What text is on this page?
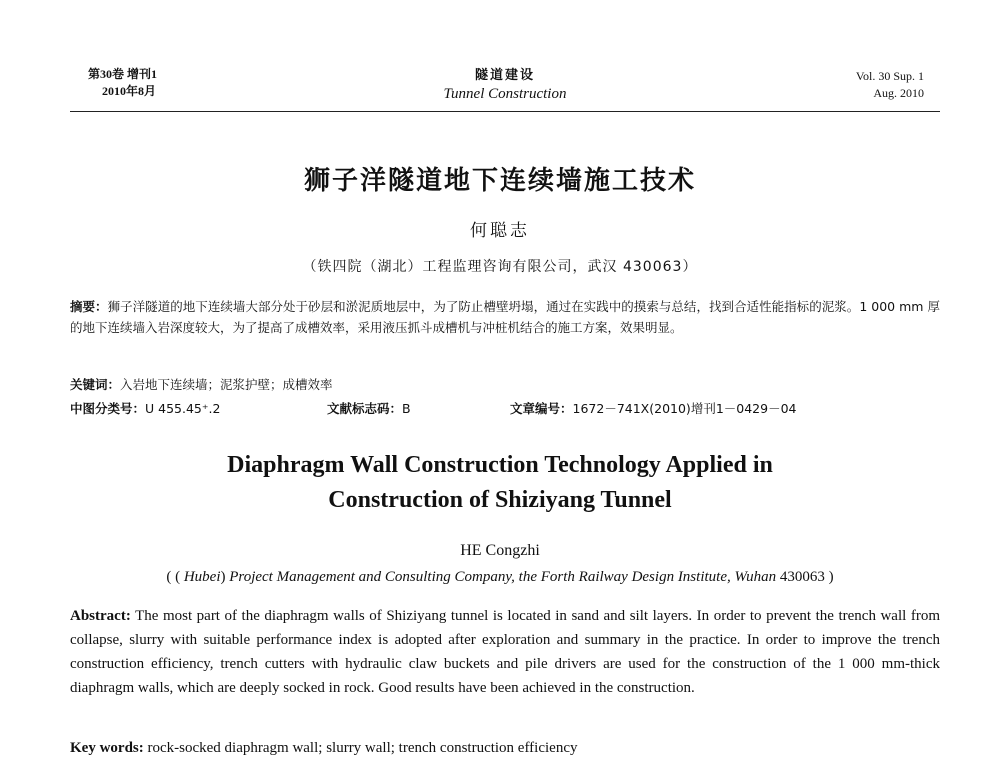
第30卷 增刊1
2010年8月
隧道建设
Tunnel Construction
Vol. 30 Sup. 1
Aug. 2010
狮子洋隧道地下连续墙施工技术
何聪志
（铁四院（湖北）工程监理咨询有限公司，武汉 430063）
摘要：狮子洋隧道的地下连续墙大部分处于砂层和淤泥质地层中，为了防止槽壁坍塌，通过在实践中的摸索与总结，找到合适性能指标的泥浆。1 000 mm 厚的地下连续墙入岩深度较大，为了提高了成槽效率，采用液压抓斗成槽机与冲桩机结合的施工方案，效果明显。
关键词：入岩地下连续墙；泥浆护壁；成槽效率
中图分类号：U 455.45⁺.2	文献标志码：B	文章编号：1672－741X(2010)增刊1－0429－04
Diaphragm Wall Construction Technology Applied in
Construction of Shiziyang Tunnel
HE Congzhi
( ( Hubei) Project Management and Consulting Company, the Forth Railway Design Institute, Wuhan 430063 )
Abstract: The most part of the diaphragm walls of Shiziyang tunnel is located in sand and silt layers. In order to prevent the trench wall from collapse, slurry with suitable performance index is adopted after exploration and summary in the practice. In order to improve the trench construction efficiency, trench cutters with hydraulic claw buckets and pile drivers are used for the construction of the 1 000 mm-thick diaphragm walls, which are deeply socked in rock. Good results have been achieved in the construction.
Key words: rock-socked diaphragm wall; slurry wall; trench construction efficiency
